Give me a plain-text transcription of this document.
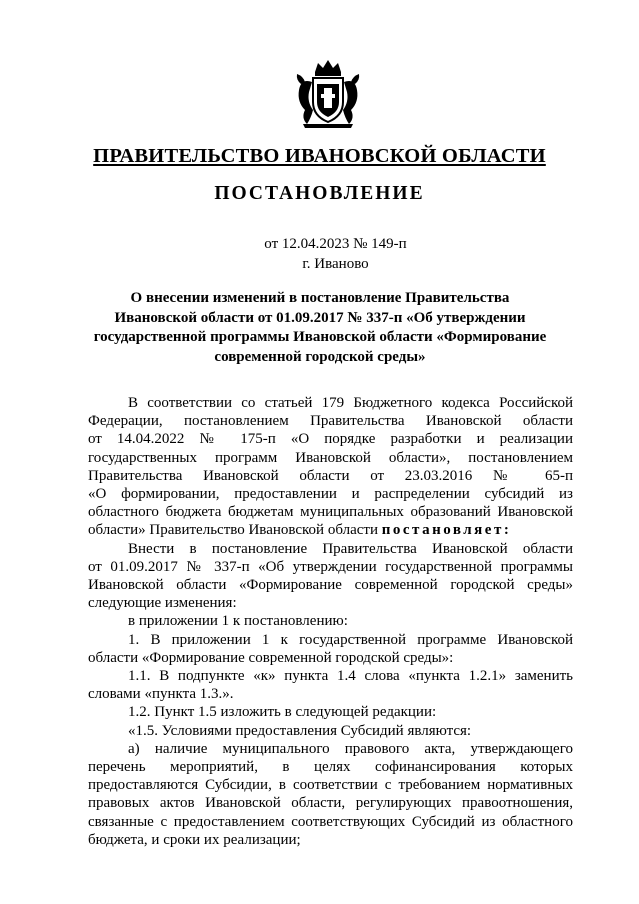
ПРАВИТЕЛЬСТВО ИВАНОВСКОЙ ОБЛАСТИ
ПОСТАНОВЛЕНИЕ
от 12.04.2023 № 149-п
г. Иваново
О внесении изменений в постановление Правительства
Ивановской области от 01.09.2017 № 337-п «Об утверждении
государственной программы Ивановской области «Формирование
современной городской среды»

В соответствии со статьей 179 Бюджетного кодекса Российской

Федерации, постановлением Правительства Ивановской области

от 14.04.2022 № 175-п «О порядке разработки и реализации

государственных программ Ивановской области», постановлением

Правительства Ивановской области от 23.03.2016 № 65-п

«О формировании, предоставлении и распределении субсидий из

областного бюджета бюджетам муниципальных образований Ивановской

области» Правительство Ивановской области постановляет:

Внести в постановление Правительства Ивановской области

от 01.09.2017 № 337-п «Об утверждении государственной программы

Ивановской области «Формирование современной городской среды»

следующие изменения:

в приложении 1 к постановлению:

1. В приложении 1 к государственной программе Ивановской

области «Формирование современной городской среды»:

1.1. В подпункте «к» пункта 1.4 слова «пункта 1.2.1» заменить

словами «пункта 1.3.».

1.2. Пункт 1.5 изложить в следующей редакции:

«1.5. Условиями предоставления Субсидий являются:

а) наличие муниципального правового акта, утверждающего

перечень мероприятий, в целях софинансирования которых

предоставляются Субсидии, в соответствии с требованием нормативных

правовых актов Ивановской области, регулирующих правоотношения,

связанные с предоставлением соответствующих Субсидий из областного

бюджета, и сроки их реализации;
